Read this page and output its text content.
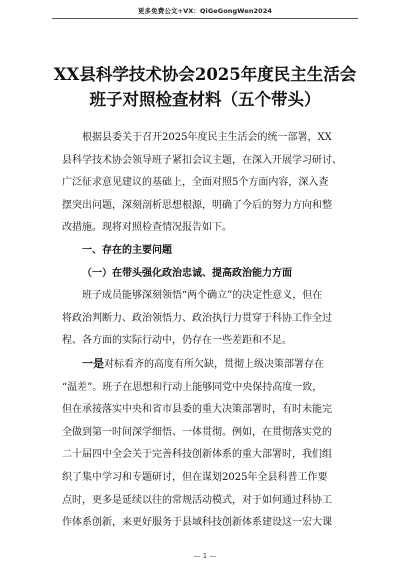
更多免费公文+VX：QiGeGongWen2024
XX县科学技术协会2025年度民主生活会
班子对照检查材料（五个带头）
根据县委关于召开2025年度民主生活会的统一部署，XX
县科学技术协会领导班子紧扣会议主题，在深入开展学习研讨、
广泛征求意见建议的基础上，全面对照5个方面内容，深入查
摆突出问题，深刻剖析思想根源，明确了今后的努力方向和整
改措施。现将对照检查情况报告如下。
一、存在的主要问题
（一）在带头强化政治忠诚、提高政治能力方面
班子成员能够深刻领悟“两个确立”的决定性意义，但在
将政治判断力、政治领悟力、政治执行力贯穿于科协工作全过
程、各方面的实际行动中，仍存在一些差距和不足。
一是对标看齐的高度有所欠缺，贯彻上级决策部署存在
“温差”。班子在思想和行动上能够同党中央保持高度一致，
但在承接落实中央和省市县委的重大决策部署时，有时未能完
全做到第一时间深学细悟、一体贯彻。例如，在贯彻落实党的
二十届四中全会关于完善科技创新体系的重大部署时，我们组
织了集中学习和专题研讨，但在谋划2025年全县科普工作要
点时，更多是延续以往的常规活动模式，对于如何通过科协工
作体系创新，来更好服务于县域科技创新体系建设这一宏大课
— 1 —
